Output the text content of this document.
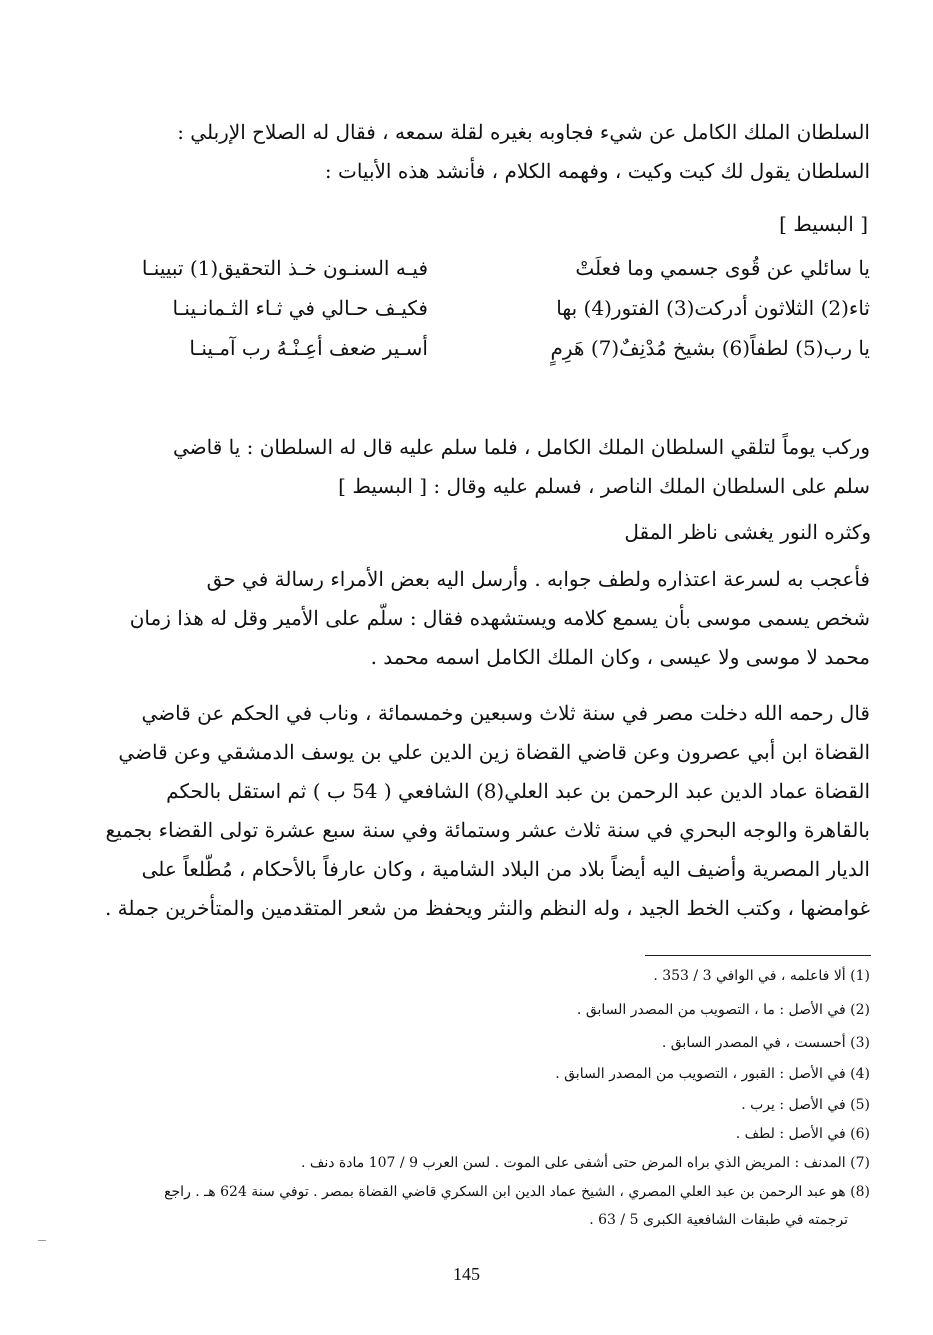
السلطان الملك الكامل عن شيء فجاوبه بغيره لقلة سمعه ، فقال له الصلاح الإربلي :
السلطان يقول لك كيت وكيت ، وفهمه الكلام ، فأنشد هذه الأبيات :
[ البسيط ]
يا سائلي عن قُوى جسمي وما فعلَتْ
فيـه السنـون خـذ التحقيق(1) تبيينـا
ثاء(2) الثلاثون أدركت(3) الفتور(4) بها
فكيـف حـالي في ثـاء الثـمانـينـا
يا رب(5) لطفاً(6) بشيخ مُدْنِفٌ(7) هَرِمٍ
أسـير ضعف أعِـنْـهُ رب آمـينـا
وركب يوماً لتلقي السلطان الملك الكامل ، فلما سلم عليه قال له السلطان : يا قاضي
سلم على السلطان الملك الناصر ، فسلم عليه وقال : [ البسيط ]
وكثره النور يغشى ناظر المقل
فأعجب به لسرعة اعتذاره ولطف جوابه . وأرسل اليه بعض الأمراء رسالة في حق
شخص يسمى موسى بأن يسمع كلامه ويستشهده فقال : سلّم على الأمير وقل له هذا زمان
محمد لا موسى ولا عيسى ، وكان الملك الكامل اسمه محمد .
قال رحمه الله دخلت مصر في سنة ثلاث وسبعين وخمسمائة ، وناب في الحكم عن قاضي
القضاة ابن أبي عصرون وعن قاضي القضاة زين الدين علي بن يوسف الدمشقي وعن قاضي
القضاة عماد الدين عبد الرحمن بن عبد العلي(8) الشافعي ( 54 ب ) ثم استقل بالحكم
بالقاهرة والوجه البحري في سنة ثلاث عشر وستمائة وفي سنة سبع عشرة تولى القضاء بجميع
الديار المصرية وأضيف اليه أيضاً بلاد من البلاد الشامية ، وكان عارفاً بالأحكام ، مُطّلعاً على
غوامضها ، وكتب الخط الجيد ، وله النظم والنثر ويحفظ من شعر المتقدمين والمتأخرين جملة .
(1) ألا فاعلمه ، في الوافي 3 / 353 .
(2) في الأصل : ما ، التصويب من المصدر السابق .
(3) أحسست ، في المصدر السابق .
(4) في الأصل : القبور ، التصويب من المصدر السابق .
(5) في الأصل : يرب .
(6) في الأصل : لطف .
(7) المدنف : المريض الذي براه المرض حتى أشفى على الموت . لسن العرب 9 / 107 مادة دنف .
(8) هو عبد الرحمن بن عبد العلي المصري ، الشيخ عماد الدين ابن السكري قاضي القضاة بمصر . توفي سنة 624 هـ . راجع
ترجمته في طبقات الشافعية الكبرى 5 / 63 .
145
